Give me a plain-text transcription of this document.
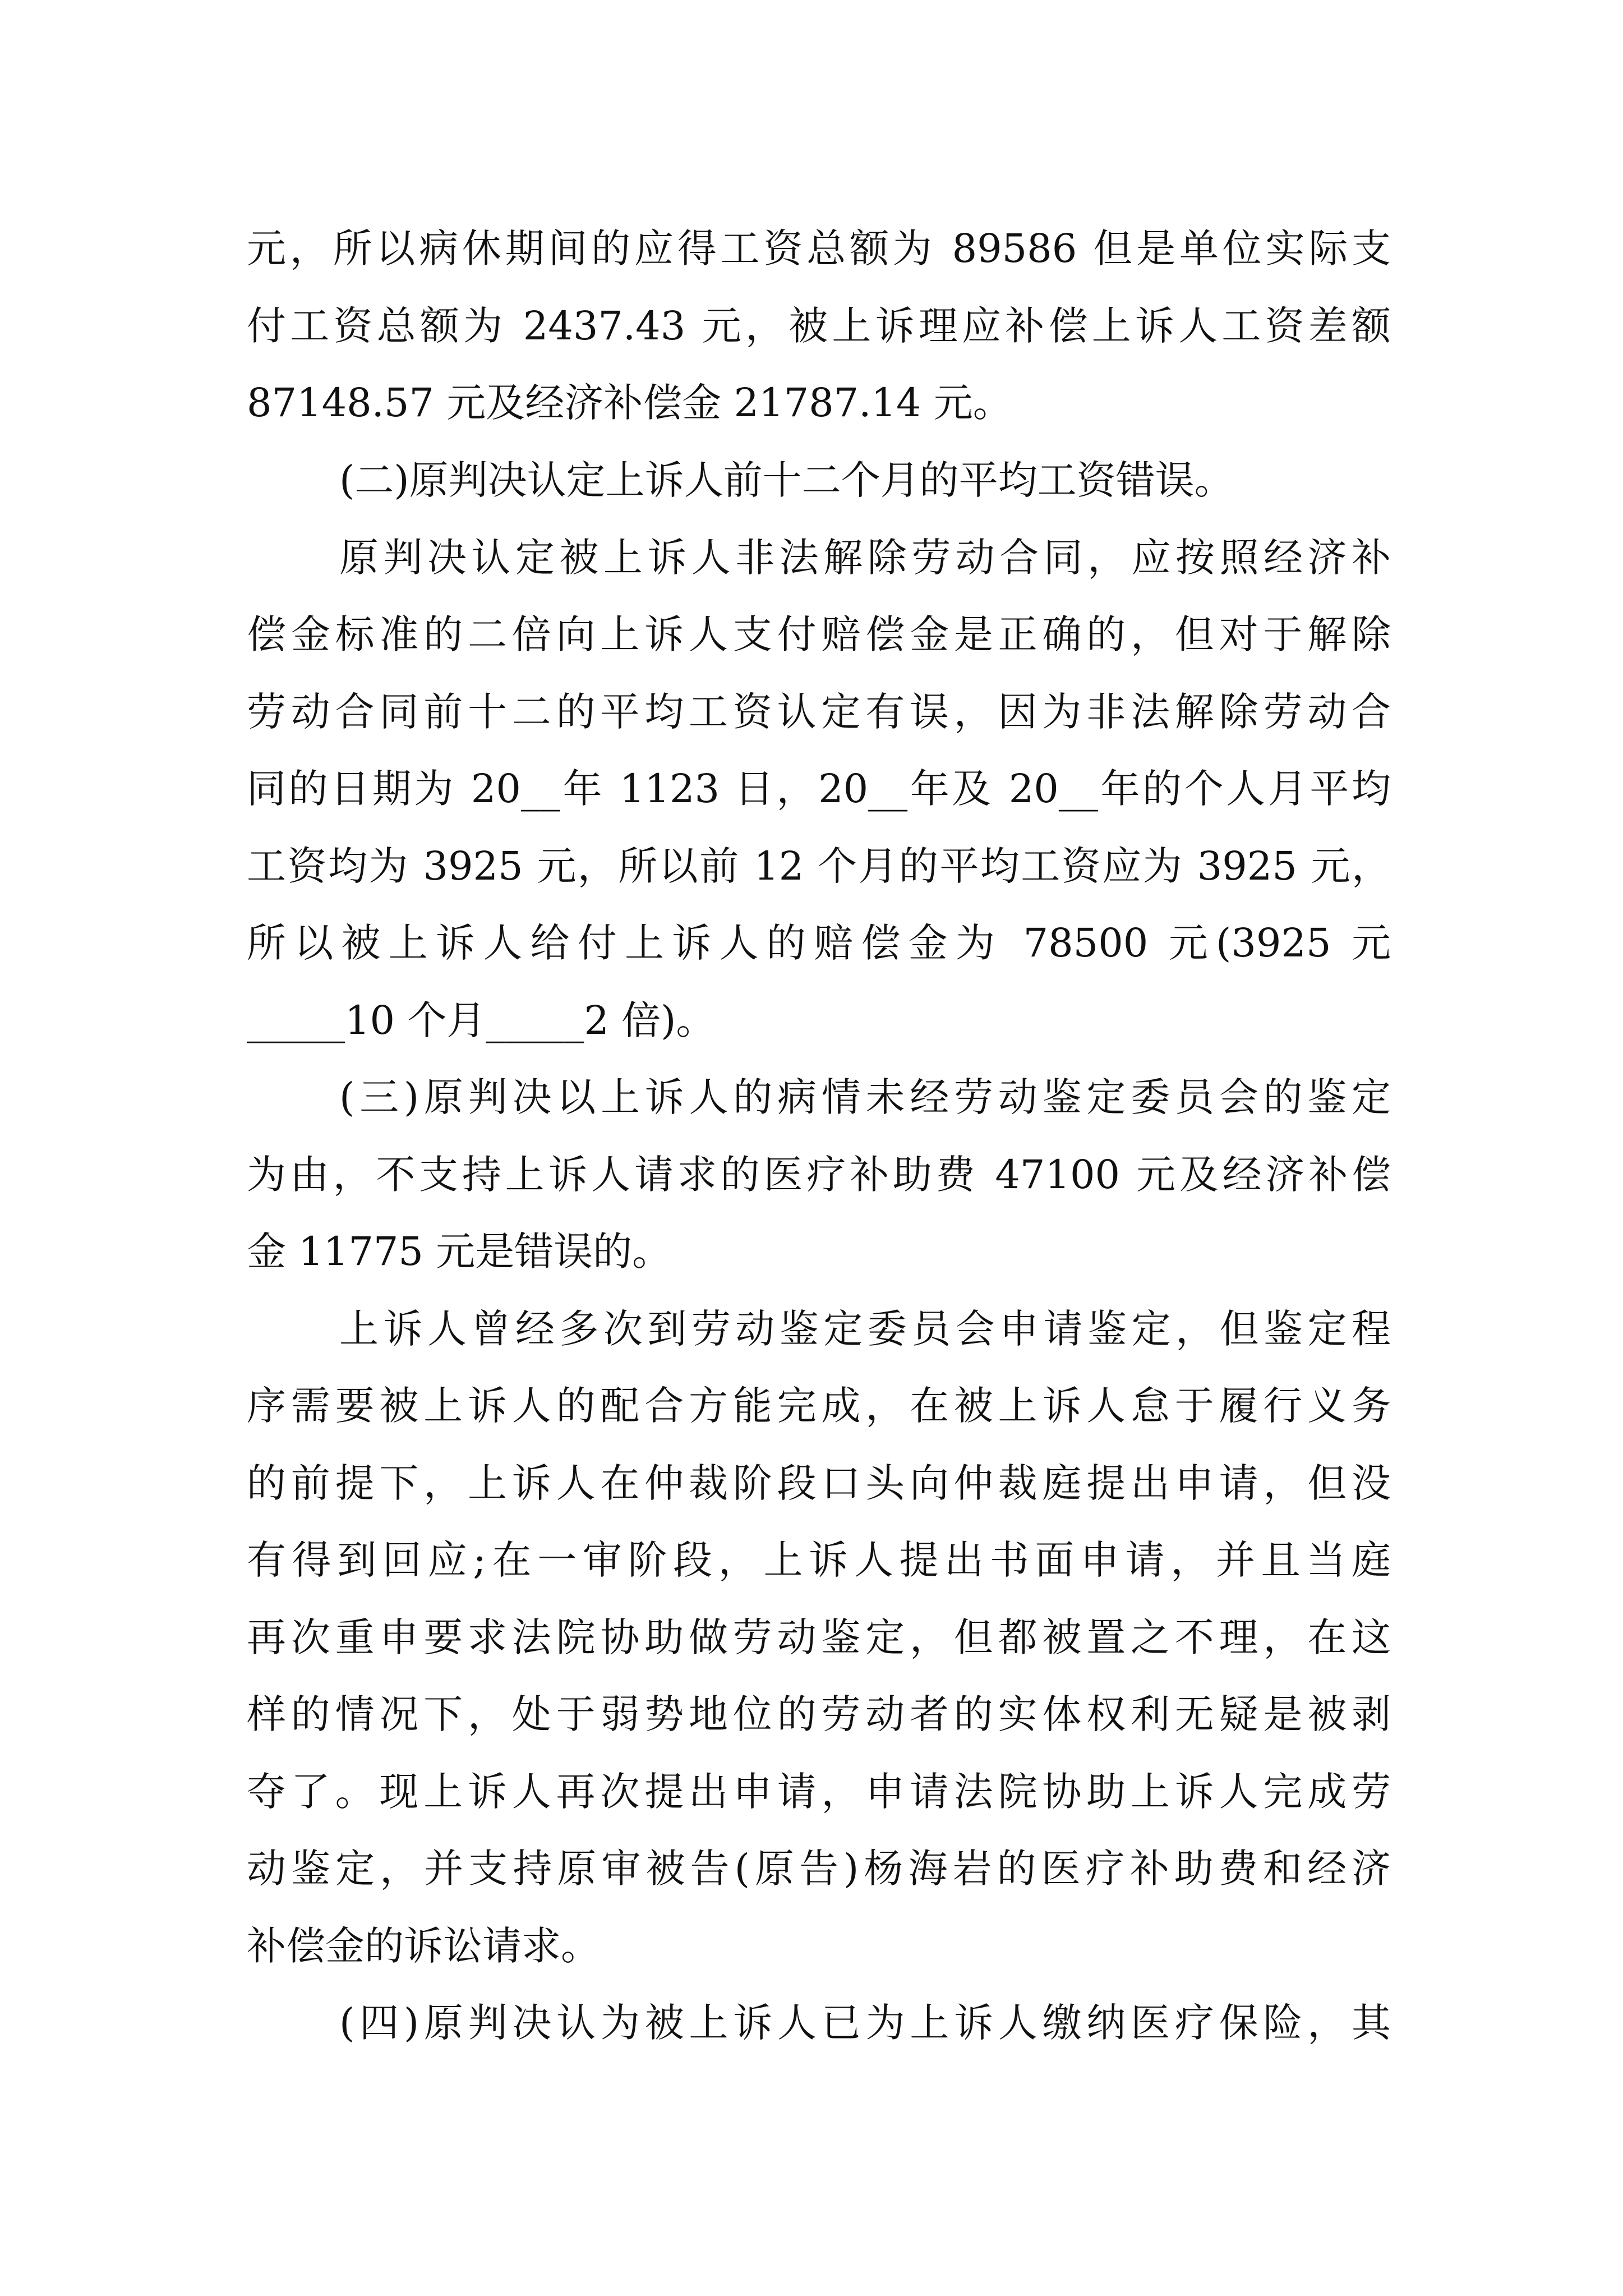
元，所以病休期间的应得工资总额为 89586 但是单位实际支
付工资总额为 2437.43 元，被上诉理应补偿上诉人工资差额
87148.57 元及经济补偿金 21787.14 元。
(二)原判决认定上诉人前十二个月的平均工资错误。
原判决认定被上诉人非法解除劳动合同，应按照经济补
偿金标准的二倍向上诉人支付赔偿金是正确的，但对于解除
劳动合同前十二的平均工资认定有误，因为非法解除劳动合
同的日期为 20__年 1123 日，20__年及 20__年的个人月平均
工资均为 3925 元，所以前 12 个月的平均工资应为 3925 元，
所以被上诉人给付上诉人的赔偿金为 78500 元(3925 元
_____10 个月_____2 倍)。
(三)原判决以上诉人的病情未经劳动鉴定委员会的鉴定
为由，不支持上诉人请求的医疗补助费 47100 元及经济补偿
金 11775 元是错误的。
上诉人曾经多次到劳动鉴定委员会申请鉴定，但鉴定程
序需要被上诉人的配合方能完成，在被上诉人怠于履行义务
的前提下，上诉人在仲裁阶段口头向仲裁庭提出申请，但没
有得到回应;在一审阶段，上诉人提出书面申请，并且当庭
再次重申要求法院协助做劳动鉴定，但都被置之不理，在这
样的情况下，处于弱势地位的劳动者的实体权利无疑是被剥
夺了。现上诉人再次提出申请，申请法院协助上诉人完成劳
动鉴定，并支持原审被告(原告)杨海岩的医疗补助费和经济
补偿金的诉讼请求。
(四)原判决认为被上诉人已为上诉人缴纳医疗保险，其
